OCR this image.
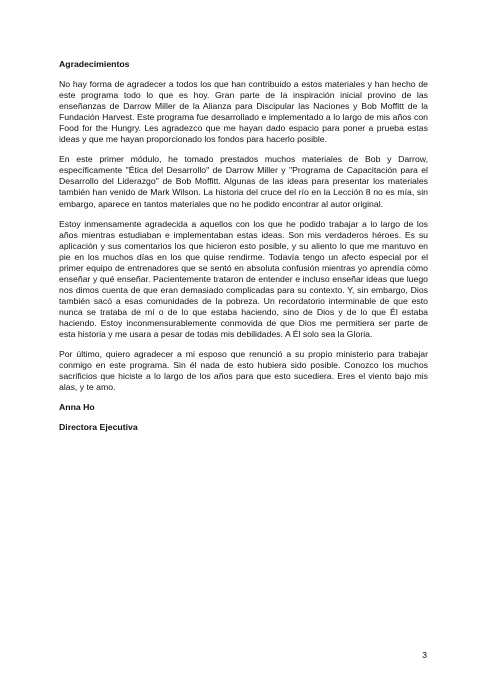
Agradecimientos

No hay forma de agradecer a todos los que han contribuido a estos materiales y han hecho de este programa todo lo que es hoy. Gran parte de la inspiración inicial provino de las enseñanzas de Darrow Miller de la Alianza para Discipular las Naciones y Bob Moffitt de la Fundación Harvest. Este programa fue desarrollado e implementado a lo largo de mis años con Food for the Hungry. Les agradezco que me hayan dado espacio para poner a prueba estas ideas y que me hayan proporcionado los fondos para hacerlo posible.

En este primer módulo, he tomado prestados muchos materiales de Bob y Darrow, específicamente "Ética del Desarrollo" de Darrow Miller y "Programa de Capacitación para el Desarrollo del Liderazgo" de Bob Moffitt. Algunas de las ideas para presentar los materiales también han venido de Mark Wilson. La historia del cruce del río en la Lección 8 no es mía, sin embargo, aparece en tantos materiales que no he podido encontrar al autor original.

Estoy inmensamente agradecida a aquellos con los que he podido trabajar a lo largo de los años mientras estudiaban e implementaban estas ideas. Son mis verdaderos héroes. Es su aplicación y sus comentarios los que hicieron esto posible, y su aliento lo que me mantuvo en pie en los muchos días en los que quise rendirme. Todavía tengo un afecto especial por el primer equipo de entrenadores que se sentó en absoluta confusión mientras yo aprendía cómo enseñar y qué enseñar. Pacientemente trataron de entender e incluso enseñar ideas que luego nos dimos cuenta de que eran demasiado complicadas para su contexto. Y, sin embargo, Dios también sacó a esas comunidades de la pobreza. Un recordatorio interminable de que esto nunca se trataba de mí o de lo que estaba haciendo, sino de Dios y de lo que Él estaba haciendo. Estoy inconmensurablemente conmovida de que Dios me permitiera ser parte de esta historia y me usara a pesar de todas mis debilidades. A Él solo sea la Gloria.

Por último, quiero agradecer a mi esposo que renunció a su propio ministerio para trabajar conmigo en este programa. Sin él nada de esto hubiera sido posible. Conozco los muchos sacrificios que hiciste a lo largo de los años para que esto sucediera. Eres el viento bajo mis alas, y te amo.

Anna Ho
Directora Ejecutiva
3
